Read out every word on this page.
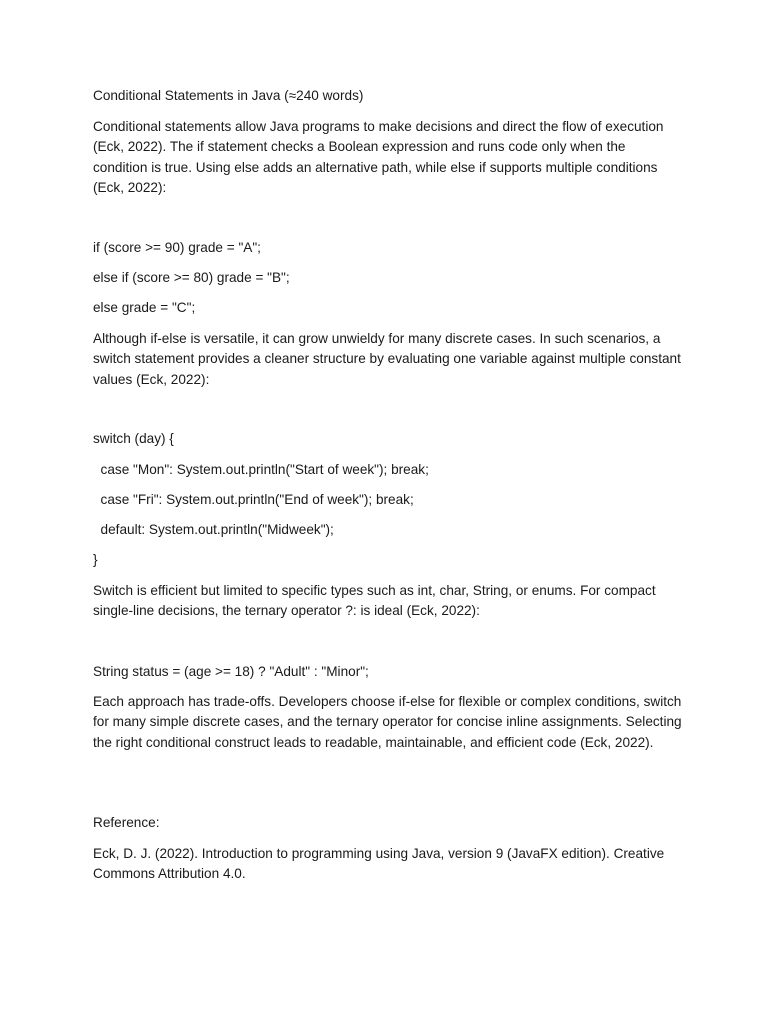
Conditional Statements in Java (≈240 words)

Conditional statements allow Java programs to make decisions and direct the flow of execution (Eck, 2022). The if statement checks a Boolean expression and runs code only when the condition is true. Using else adds an alternative path, while else if supports multiple conditions (Eck, 2022):

if (score >= 90) grade = "A";

else if (score >= 80) grade = "B";

else grade = "C";

Although if-else is versatile, it can grow unwieldy for many discrete cases. In such scenarios, a switch statement provides a cleaner structure by evaluating one variable against multiple constant values (Eck, 2022):

switch (day) {

case "Mon": System.out.println("Start of week"); break;

case "Fri": System.out.println("End of week"); break;

default: System.out.println("Midweek");

}

Switch is efficient but limited to specific types such as int, char, String, or enums. For compact single-line decisions, the ternary operator ?: is ideal (Eck, 2022):

String status = (age >= 18) ? "Adult" : "Minor";

Each approach has trade-offs. Developers choose if-else for flexible or complex conditions, switch for many simple discrete cases, and the ternary operator for concise inline assignments. Selecting the right conditional construct leads to readable, maintainable, and efficient code (Eck, 2022).

Reference:

Eck, D. J. (2022). Introduction to programming using Java, version 9 (JavaFX edition). Creative Commons Attribution 4.0.
